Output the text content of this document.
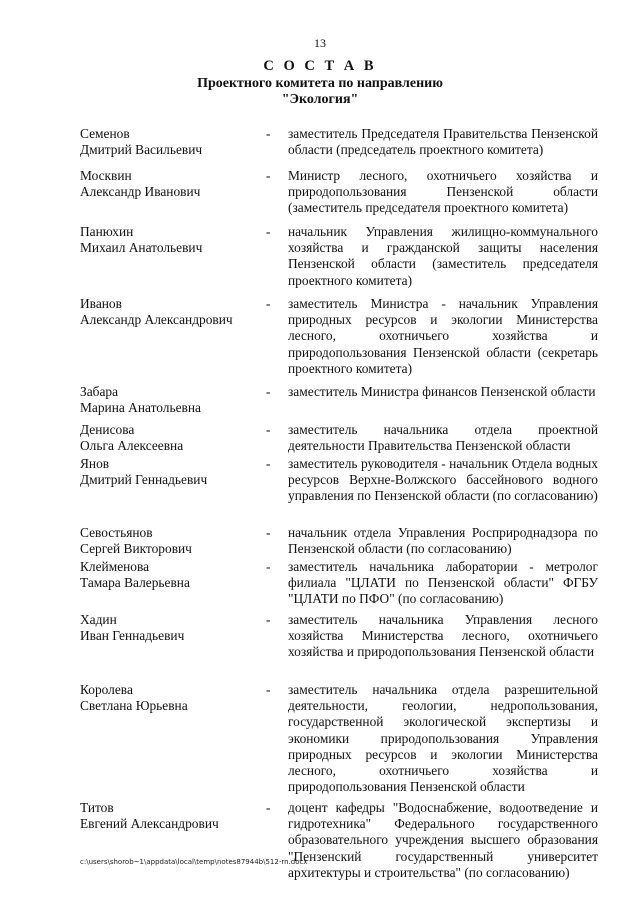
13
С О С Т А В
Проектного комитета по направлению
"Экология"
Семенов
Дмитрий Васильевич
-	заместитель Председателя Правительства Пензенской области (председатель проектного комитета)
Москвин
Александр Иванович
-	Министр лесного, охотничьего хозяйства и природопользования Пензенской области (заместитель председателя проектного комитета)
Панюхин
Михаил Анатольевич
-	начальник Управления жилищно-коммунального хозяйства и гражданской защиты населения Пензенской области (заместитель председателя проектного комитета)
Иванов
Александр Александрович
-	заместитель Министра - начальник Управления природных ресурсов и экологии Министерства лесного, охотничьего хозяйства и природопользования Пензенской области (секретарь проектного комитета)
Забара
Марина Анатольевна
-	заместитель Министра финансов Пензенской области
Денисова
Ольга Алексеевна
-	заместитель начальника отдела проектной деятельности Правительства Пензенской области
Янов
Дмитрий Геннадьевич
-	заместитель руководителя - начальник Отдела водных ресурсов Верхне-Волжского бассейнового водного управления по Пензенской области (по согласованию)
Севостьянов
Сергей Викторович
-	начальник отдела Управления Росприроднадзора по Пензенской области (по согласованию)
Клейменова
Тамара Валерьевна
-	заместитель начальника лаборатории - метролог филиала "ЦЛАТИ по Пензенской области" ФГБУ "ЦЛАТИ по ПФО" (по согласованию)
Хадин
Иван Геннадьевич
-	заместитель начальника Управления лесного хозяйства Министерства лесного, охотничьего хозяйства и природопользования Пензенской области
Королева
Светлана Юрьевна
-	заместитель начальника отдела разрешительной деятельности, геологии, недропользования, государственной экологической экспертизы и экономики природопользования Управления природных ресурсов и экологии Министерства лесного, охотничьего хозяйства и природопользования Пензенской области
Титов
Евгений Александрович
-	доцент кафедры "Водоснабжение, водоотведение и гидротехника" Федерального государственного образовательного учреждения высшего образования "Пензенский государственный университет архитектуры и строительства" (по согласованию)
c:\users\shorob~1\appdata\local\temp\notes87944b\512-rn.docx
